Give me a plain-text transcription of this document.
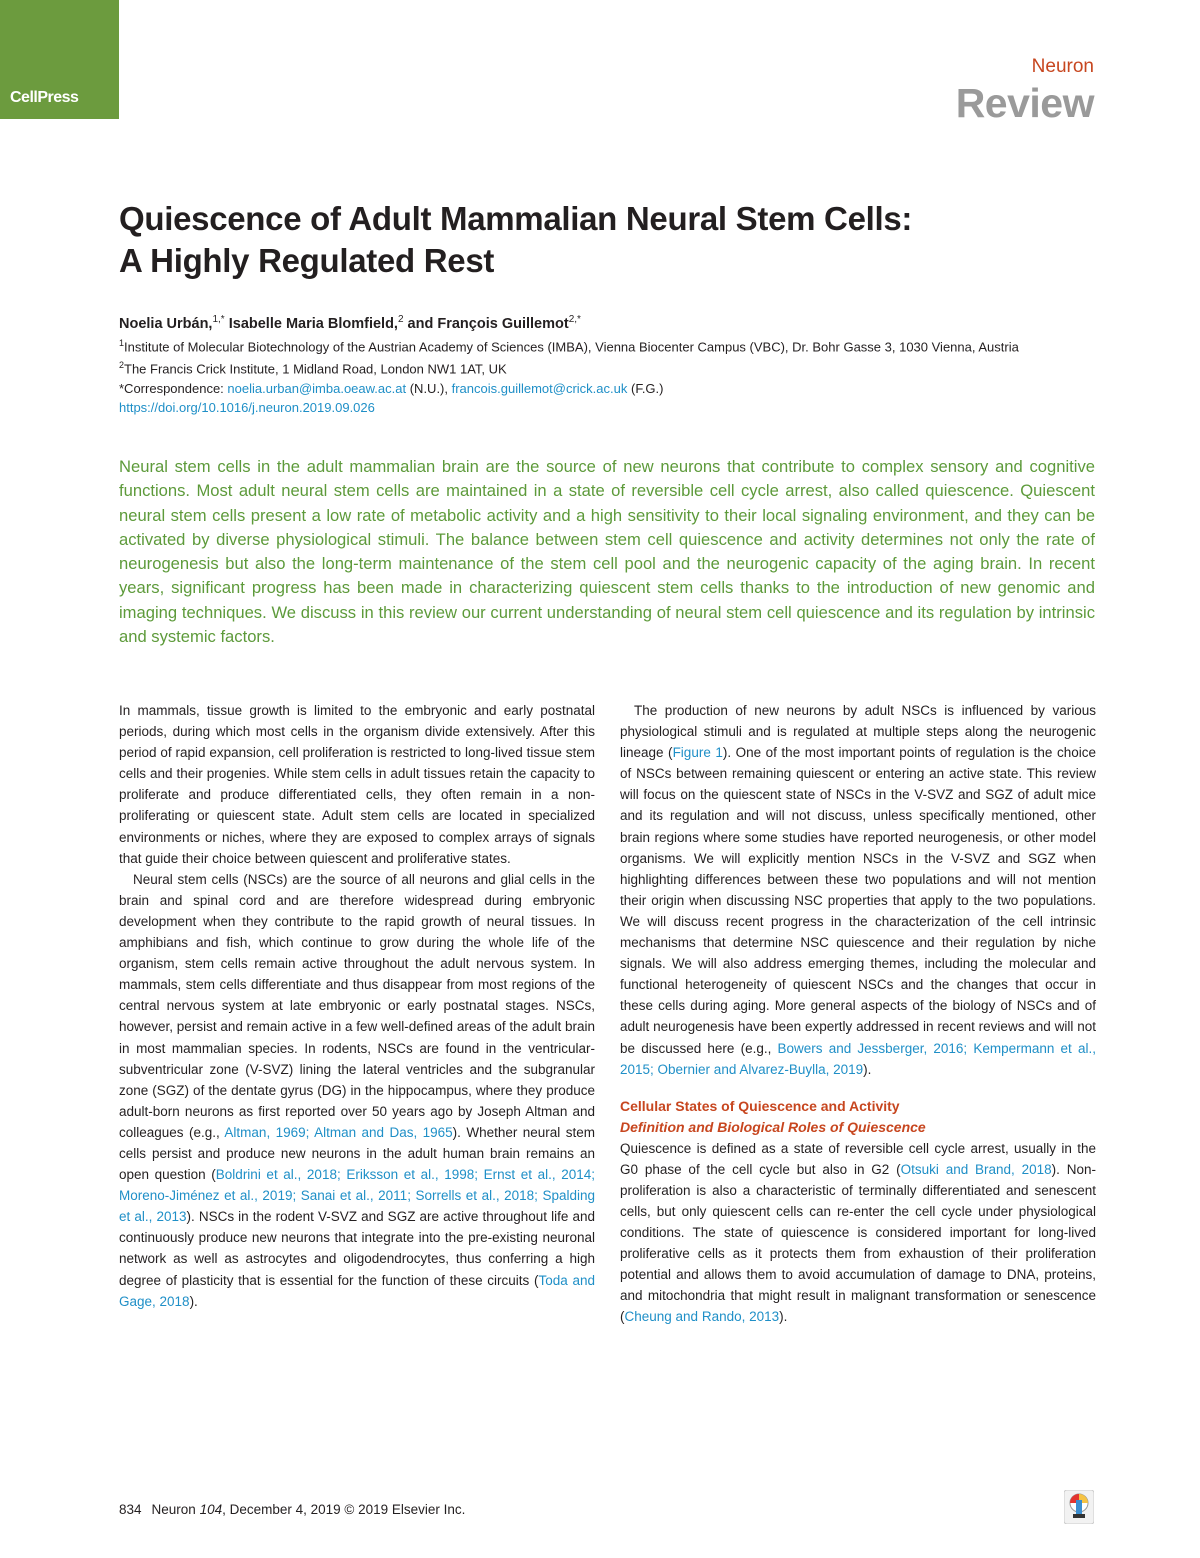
CellPress
Neuron
Review
Quiescence of Adult Mammalian Neural Stem Cells:
A Highly Regulated Rest
Noelia Urbán,$^{1,*}$ Isabelle Maria Blomfield,$^2$ and François Guillemot$^{2,*}$
$^1$Institute of Molecular Biotechnology of the Austrian Academy of Sciences (IMBA), Vienna Biocenter Campus (VBC), Dr. Bohr Gasse 3, 1030 Vienna, Austria
$^2$The Francis Crick Institute, 1 Midland Road, London NW1 1AT, UK
*Correspondence: noelia.urban@imba.oeaw.ac.at (N.U.), francois.guillemot@crick.ac.uk (F.G.)
https://doi.org/10.1016/j.neuron.2019.09.026

Neural stem cells in the adult mammalian brain are the source of new neurons that contribute to complex sensory and cognitive functions. Most adult neural stem cells are maintained in a state of reversible cell cycle arrest, also called quiescence. Quiescent neural stem cells present a low rate of metabolic activity and a high sensitivity to their local signaling environment, and they can be activated by diverse physiological stimuli. The balance between stem cell quiescence and activity determines not only the rate of neurogenesis but also the long-term maintenance of the stem cell pool and the neurogenic capacity of the aging brain. In recent years, significant progress has been made in characterizing quiescent stem cells thanks to the introduction of new genomic and imaging techniques. We discuss in this review our current understanding of neural stem cell quiescence and its regulation by intrinsic and systemic factors.

In mammals, tissue growth is limited to the embryonic and early postnatal periods, during which most cells in the organism divide extensively. After this period of rapid expansion, cell proliferation is restricted to long-lived tissue stem cells and their progenies. While stem cells in adult tissues retain the capacity to proliferate and produce differentiated cells, they often remain in a non-proliferating or quiescent state. Adult stem cells are located in specialized environments or niches, where they are exposed to complex arrays of signals that guide their choice between quiescent and proliferative states.

Neural stem cells (NSCs) are the source of all neurons and glial cells in the brain and spinal cord and are therefore widespread during embryonic development when they contribute to the rapid growth of neural tissues. In amphibians and fish, which continue to grow during the whole life of the organism, stem cells remain active throughout the adult nervous system. In mammals, stem cells differentiate and thus disappear from most regions of the central nervous system at late embryonic or early postnatal stages. NSCs, however, persist and remain active in a few well-defined areas of the adult brain in most mammalian species. In rodents, NSCs are found in the ventricular-subventricular zone (V-SVZ) lining the lateral ventricles and the subgranular zone (SGZ) of the dentate gyrus (DG) in the hippocampus, where they produce adult-born neurons as first reported over 50 years ago by Joseph Altman and colleagues (e.g., Altman, 1969; Altman and Das, 1965). Whether neural stem cells persist and produce new neurons in the adult human brain remains an open question (Boldrini et al., 2018; Eriksson et al., 1998; Ernst et al., 2014; Moreno-Jiménez et al., 2019; Sanai et al., 2011; Sorrells et al., 2018; Spalding et al., 2013). NSCs in the rodent V-SVZ and SGZ are active throughout life and continuously produce new neurons that integrate into the pre-existing neuronal network as well as astrocytes and oligodendrocytes, thus conferring a high degree of plasticity that is essential for the function of these circuits (Toda and Gage, 2018).

The production of new neurons by adult NSCs is influenced by various physiological stimuli and is regulated at multiple steps along the neurogenic lineage (Figure 1). One of the most important points of regulation is the choice of NSCs between remaining quiescent or entering an active state. This review will focus on the quiescent state of NSCs in the V-SVZ and SGZ of adult mice and its regulation and will not discuss, unless specifically mentioned, other brain regions where some studies have reported neurogenesis, or other model organisms. We will explicitly mention NSCs in the V-SVZ and SGZ when highlighting differences between these two populations and will not mention their origin when discussing NSC properties that apply to the two populations. We will discuss recent progress in the characterization of the cell intrinsic mechanisms that determine NSC quiescence and their regulation by niche signals. We will also address emerging themes, including the molecular and functional heterogeneity of quiescent NSCs and the changes that occur in these cells during aging. More general aspects of the biology of NSCs and of adult neurogenesis have been expertly addressed in recent reviews and will not be discussed here (e.g., Bowers and Jessberger, 2016; Kempermann et al., 2015; Obernier and Alvarez-Buylla, 2019).

Cellular States of Quiescence and Activity
Definition and Biological Roles of Quiescence

Quiescence is defined as a state of reversible cell cycle arrest, usually in the G0 phase of the cell cycle but also in G2 (Otsuki and Brand, 2018). Non-proliferation is also a characteristic of terminally differentiated and senescent cells, but only quiescent cells can re-enter the cell cycle under physiological conditions. The state of quiescence is considered important for long-lived proliferative cells as it protects them from exhaustion of their proliferation potential and allows them to avoid accumulation of damage to DNA, proteins, and mitochondria that might result in malignant transformation or senescence (Cheung and Rando, 2013).

834 Neuron 104, December 4, 2019 © 2019 Elsevier Inc.
